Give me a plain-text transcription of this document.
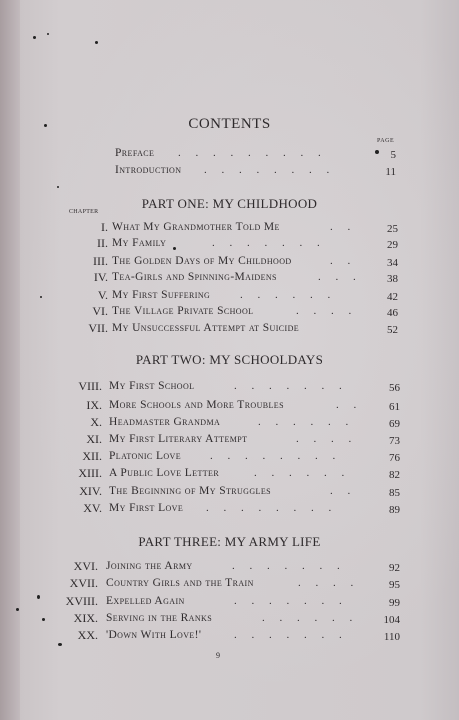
CONTENTS
PAGE
Preface . . . . . . . . .	5
Introduction . . . . . . . .	11
PART ONE: MY CHILDHOOD
CHAPTER
I. What My Grandmother Told Me	. .	25
II. My Family	. . . . . . .	29
III. The Golden Days of My Childhood	. .	34
IV. Tea-Girls and Spinning-Maidens	. . .	38
V. My First Suffering	. . . . . .	42
VI. The Village Private School	. . . .	46
VII. My Unsuccessful Attempt at Suicide	52
PART TWO: MY SCHOOLDAYS
VIII. My First School	. . . . . . .	56
IX. More Schools and More Troubles	. .	61
X. Headmaster Grandma	. . . . . .	69
XI. My First Literary Attempt	. . . .	73
XII. Platonic Love	. . . . . . . .	76
XIII. A Public Love Letter	. . . . . .	82
XIV. The Beginning of My Struggles	. .	85
XV. My First Love . . . . . . . .	89
PART THREE: MY ARMY LIFE
XVI. Joining the Army	. . . . . . .	92
XVII. Country Girls and the Train	. . . .	95
XVIII. Expelled Again	. . . . . . .	99
XIX. Serving in the Ranks	. . . . . .	104
XX. 'Down With Love!'	. . . . . . .	110
9
